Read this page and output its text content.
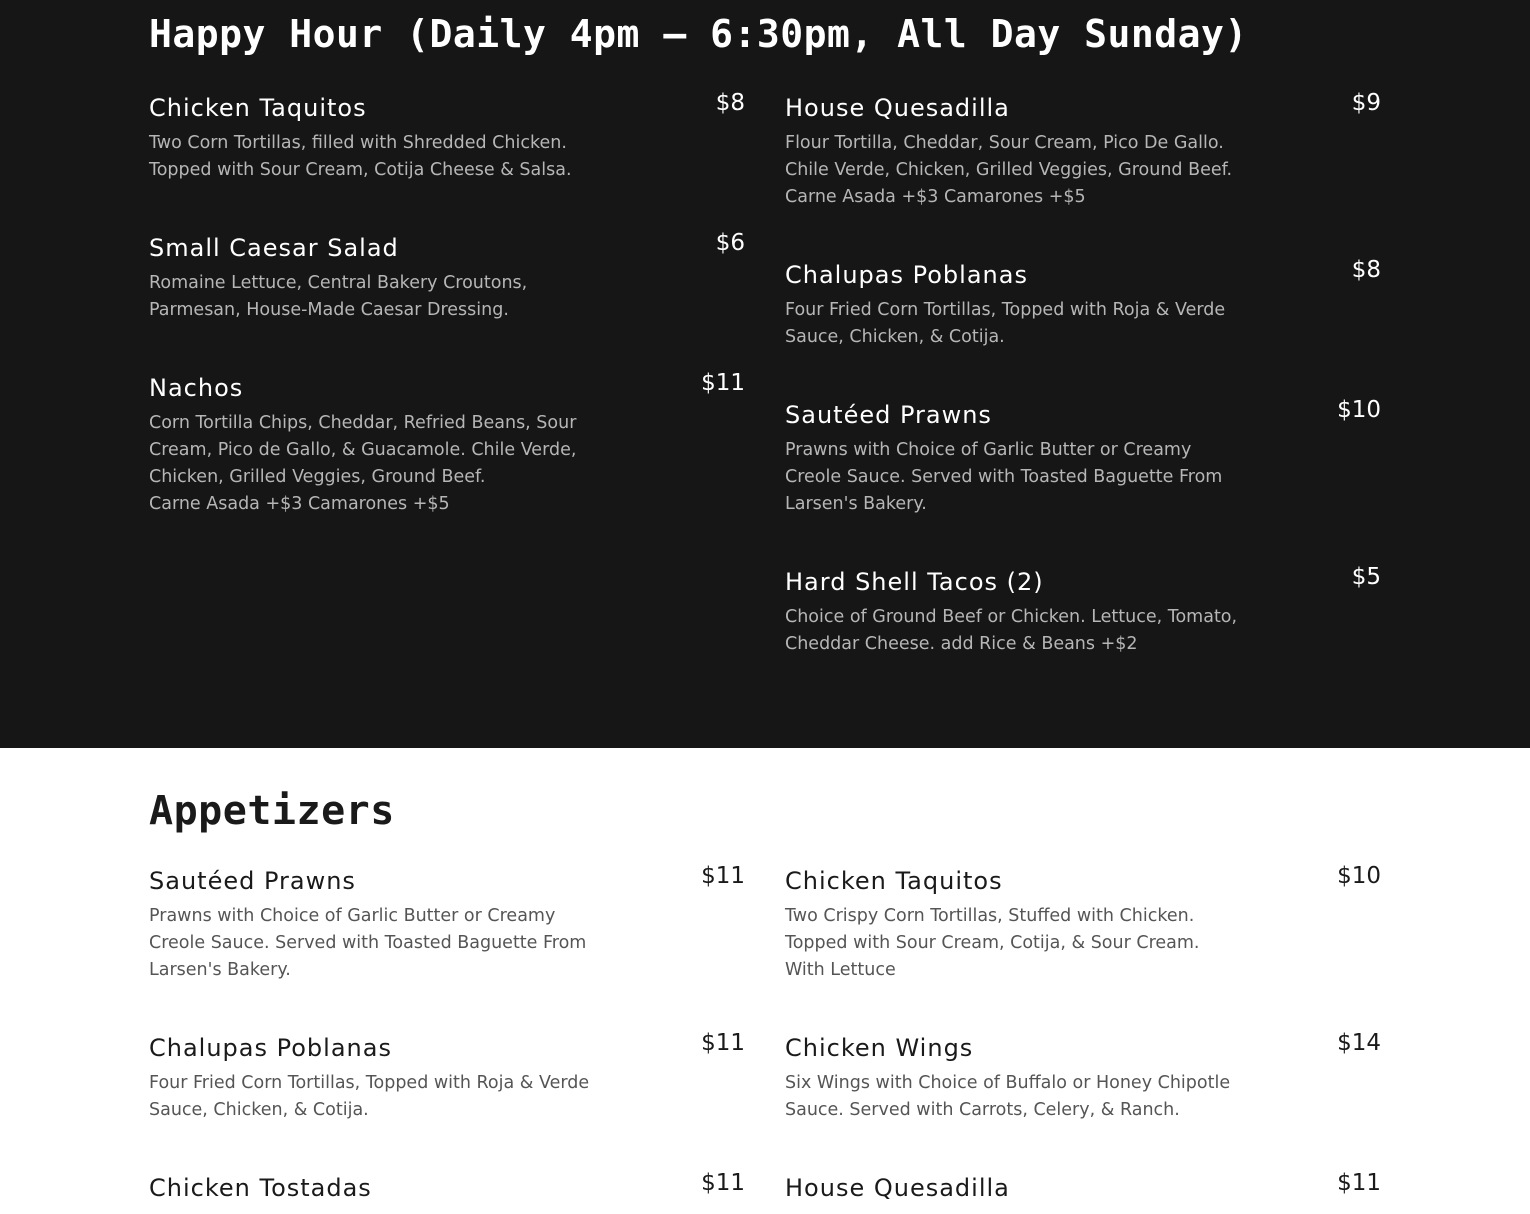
Happy Hour (Daily 4pm – 6:30pm, All Day Sunday)
Chicken Taquitos	$8
Two Corn Tortillas, filled with Shredded Chicken.
Topped with Sour Cream, Cotija Cheese & Salsa.
Small Caesar Salad	$6
Romaine Lettuce, Central Bakery Croutons,
Parmesan, House-Made Caesar Dressing.
Nachos	$11
Corn Tortilla Chips, Cheddar, Refried Beans, Sour
Cream, Pico de Gallo, & Guacamole. Chile Verde,
Chicken, Grilled Veggies, Ground Beef.
Carne Asada +$3 Camarones +$5
House Quesadilla	$9
Flour Tortilla, Cheddar, Sour Cream, Pico De Gallo.
Chile Verde, Chicken, Grilled Veggies, Ground Beef.
Carne Asada +$3 Camarones +$5
Chalupas Poblanas	$8
Four Fried Corn Tortillas, Topped with Roja & Verde
Sauce, Chicken, & Cotija.
Sautéed Prawns	$10
Prawns with Choice of Garlic Butter or Creamy
Creole Sauce. Served with Toasted Baguette From
Larsen's Bakery.
Hard Shell Tacos (2)	$5
Choice of Ground Beef or Chicken. Lettuce, Tomato,
Cheddar Cheese. add Rice & Beans +$2
Appetizers
Sautéed Prawns	$11
Prawns with Choice of Garlic Butter or Creamy
Creole Sauce. Served with Toasted Baguette From
Larsen's Bakery.
Chalupas Poblanas	$11
Four Fried Corn Tortillas, Topped with Roja & Verde
Sauce, Chicken, & Cotija.
Chicken Tostadas	$11
Chicken Taquitos	$10
Two Crispy Corn Tortillas, Stuffed with Chicken.
Topped with Sour Cream, Cotija, & Sour Cream.
With Lettuce
Chicken Wings	$14
Six Wings with Choice of Buffalo or Honey Chipotle
Sauce. Served with Carrots, Celery, & Ranch.
House Quesadilla	$11
